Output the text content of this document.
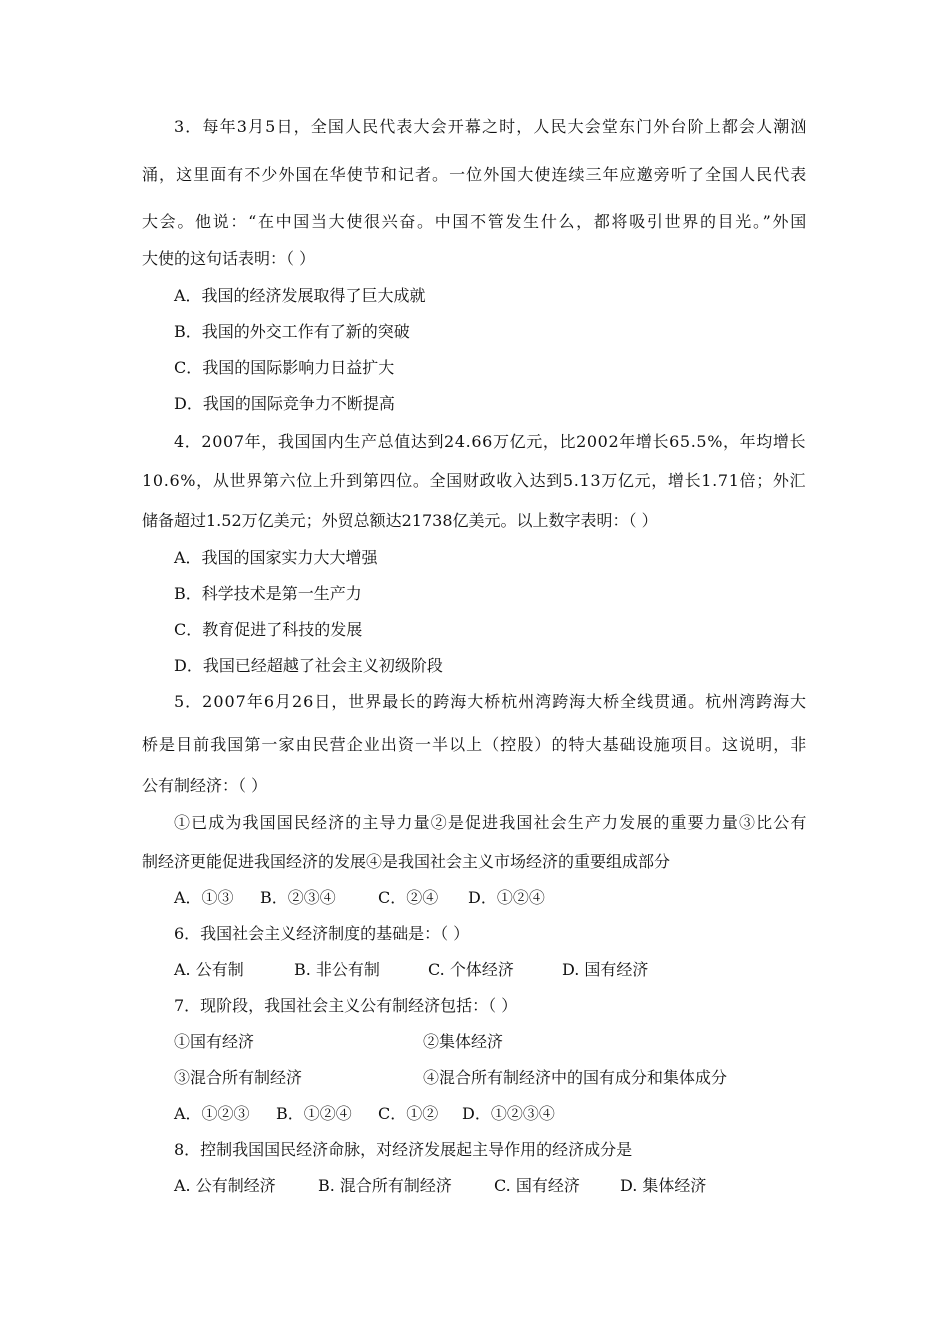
3．每年3月5日，全国人民代表大会开幕之时，人民大会堂东门外台阶上都会人潮汹
涌，这里面有不少外国在华使节和记者。一位外国大使连续三年应邀旁听了全国人民代表
大会。他说：“在中国当大使很兴奋。中国不管发生什么，都将吸引世界的目光。”外国
大使的这句话表明：（ ）
A．我国的经济发展取得了巨大成就
B．我国的外交工作有了新的突破
C．我国的国际影响力日益扩大
D．我国的国际竞争力不断提高
4．2007年，我国国内生产总值达到24.66万亿元，比2002年增长65.5%，年均增长
10.6%，从世界第六位上升到第四位。全国财政收入达到5.13万亿元，增长1.71倍；外汇
储备超过1.52万亿美元；外贸总额达21738亿美元。以上数字表明：（ ）
A．我国的国家实力大大增强
B．科学技术是第一生产力
C．教育促进了科技的发展
D．我国已经超越了社会主义初级阶段
5．2007年6月26日，世界最长的跨海大桥杭州湾跨海大桥全线贯通。杭州湾跨海大
桥是目前我国第一家由民营企业出资一半以上（控股）的特大基础设施项目。这说明，非
公有制经济：（ ）
①已成为我国国民经济的主导力量②是促进我国社会生产力发展的重要力量③比公有
制经济更能促进我国经济的发展④是我国社会主义市场经济的重要组成部分
A．①③ B．②③④	C．②④ D．①②④
6．我国社会主义经济制度的基础是：（ ）
A. 公有制	B. 非公有制	C. 个体经济	D. 国有经济
7．现阶段，我国社会主义公有制经济包括：（ ）
①国有经济	②集体经济
③混合所有制经济	④混合所有制经济中的国有成分和集体成分
A．①②③ B．①②④ C．①② D．①②③④
8．控制我国国民经济命脉，对经济发展起主导作用的经济成分是
A. 公有制经济	B. 混合所有制经济	C. 国有经济	D. 集体经济
